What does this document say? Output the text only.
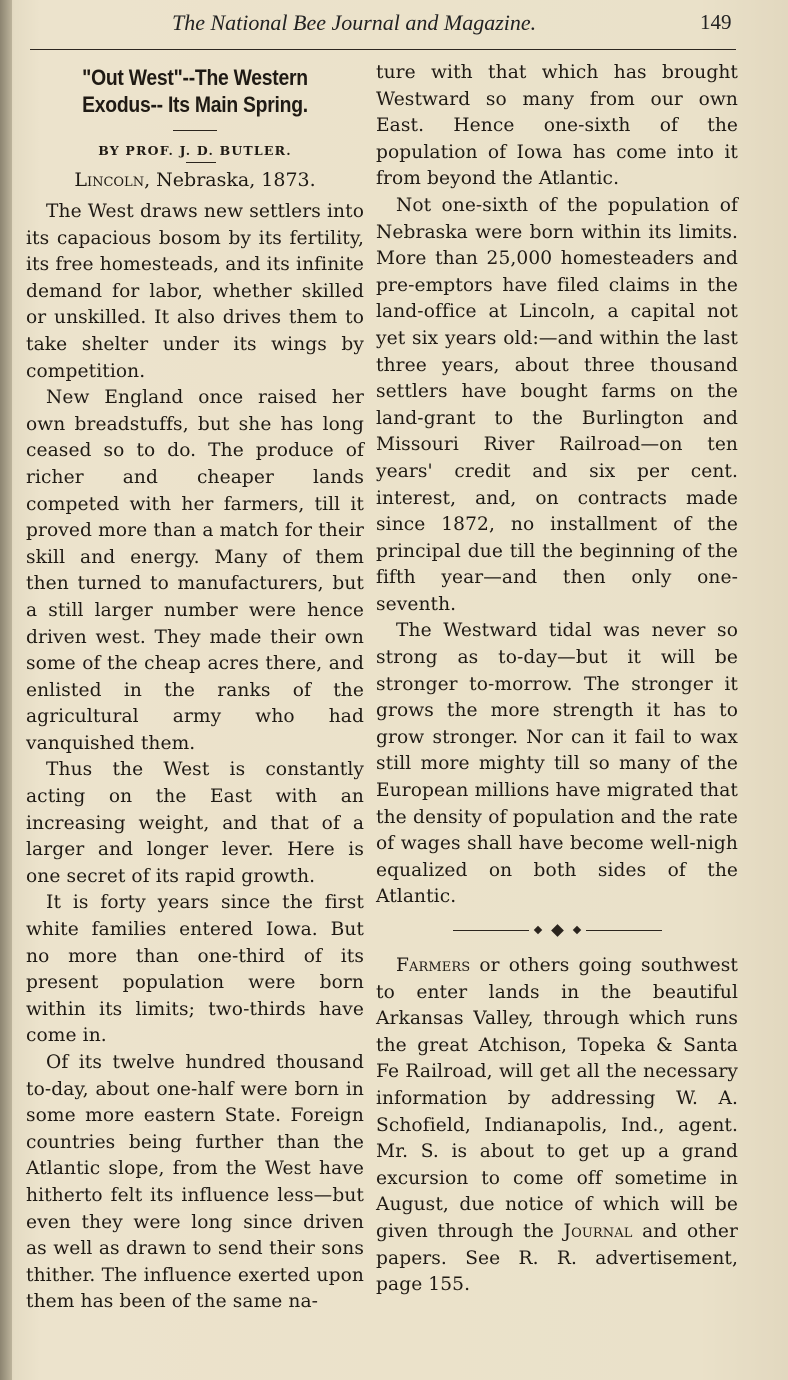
The National Bee Journal and Magazine.	149
"Out West"--The Western Exodus-- Its Main Spring.
BY PROF. J. D. BUTLER.
Lincoln, Nebraska, 1873.

The West draws new settlers into its capacious bosom by its fertility, its free homesteads, and its infinite demand for labor, whether skilled or unskilled. It also drives them to take shelter under its wings by competition.

New England once raised her own breadstuffs, but she has long ceased so to do. The produce of richer and cheaper lands competed with her farmers, till it proved more than a match for their skill and energy. Many of them then turned to manufacturers, but a still larger number were hence driven west. They made their own some of the cheap acres there, and enlisted in the ranks of the agricultural army who had vanquished them.

Thus the West is constantly acting on the East with an increasing weight, and that of a larger and longer lever. Here is one secret of its rapid growth.

It is forty years since the first white families entered Iowa. But no more than one-third of its present population were born within its limits; two-thirds have come in.

Of its twelve hundred thousand to-day, about one-half were born in some more eastern State. Foreign countries being further than the Atlantic slope, from the West have hitherto felt its influence less—but even they were long since driven as well as drawn to send their sons thither. The influence exerted upon them has been of the same na-

ture with that which has brought Westward so many from our own East. Hence one-sixth of the population of Iowa has come into it from beyond the Atlantic.

Not one-sixth of the population of Nebraska were born within its limits. More than 25,000 homesteaders and pre-emptors have filed claims in the land-office at Lincoln, a capital not yet six years old:—and within the last three years, about three thousand settlers have bought farms on the land-grant to the Burlington and Missouri River Railroad—on ten years' credit and six per cent. interest, and, on contracts made since 1872, no installment of the principal due till the beginning of the fifth year—and then only one-seventh.

The Westward tidal was never so strong as to-day—but it will be stronger to-morrow. The stronger it grows the more strength it has to grow stronger. Nor can it fail to wax still more mighty till so many of the European millions have migrated that the density of population and the rate of wages shall have become well-nigh equalized on both sides of the Atlantic.

Farmers or others going southwest to enter lands in the beautiful Arkansas Valley, through which runs the great Atchison, Topeka & Santa Fe Railroad, will get all the necessary information by addressing W. A. Schofield, Indianapolis, Ind., agent. Mr. S. is about to get up a grand excursion to come off sometime in August, due notice of which will be given through the Journal and other papers. See R. R. advertisement, page 155.
